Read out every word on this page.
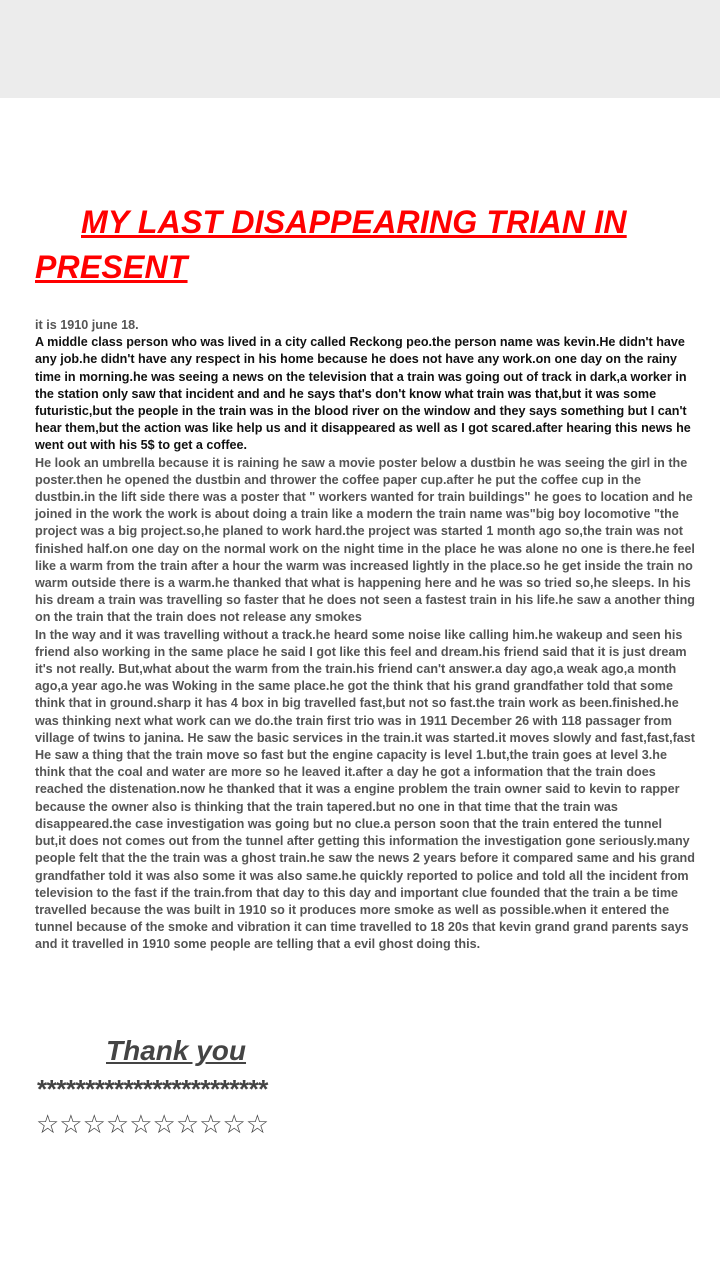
MY LAST DISAPPEARING TRIAN IN PRESENT

it is 1910 june 18.

A middle class person who was lived in a city called Reckong peo.the person name was kevin.He didn't have any job.he didn't have any respect in his home because he does not have any work.on one day on the rainy time in morning.he was seeing a news on the television that a train was going out of track in dark,a worker in the station only saw that incident and and he says that's don't know what train was that,but it was some futuristic,but the people in the train was in the blood river on the window and they says something but I can't hear them,but the action was like help us and it disappeared as well as I got scared.after hearing this news he went out with his 5$ to get a coffee.

He look an umbrella because it is raining he saw a movie poster below a dustbin he was seeing the girl in the poster.then he opened the dustbin and thrower the coffee paper cup.after he put the coffee cup in the dustbin.in the lift side there was a poster that " workers wanted for train buildings" he goes to location and he joined in the work the work is about doing a train like a modern the train name was"big boy locomotive "the project was a big project.so,he planed to work hard.the project was started 1 month ago so,the train was not finished half.on one day on the normal work on the night time in the place he was alone no one is there.he feel like a warm from the train after a hour the warm was increased lightly in the place.so he get inside the train no warm outside there is a warm.he thanked that what is happening here and he was so tried so,he sleeps. In his his dream a train was travelling so faster that he does not seen a fastest train in his life.he saw a another thing on the train that the train does not release any smokes

In the way and it was travelling without a track.he heard some noise like calling him.he wakeup and seen his friend also working in the same place he said I got like this feel and dream.his friend said that it is just dream it's not really. But,what about the warm from the train.his friend can't answer.a day ago,a weak ago,a month ago,a year ago.he was Woking in the same place.he got the think that his grand grandfather told that some think that in ground.sharp it has 4 box in big travelled fast,but not so fast.the train work as been.finished.he was thinking next what work can we do.the train first trio was in 1911 December 26 with 118 passager from village of twins to janina. He saw the basic services in the train.it was started.it moves slowly and fast,fast,fast

He saw a thing that the train move so fast but the engine capacity is level 1.but,the train goes at level 3.he think that the coal and water are more so he leaved it.after a day he got a information that the train does reached the distenation.now he thanked that it was a engine problem the train owner said to kevin to rapper because the owner also is thinking that the train tapered.but no one in that time that the train was disappeared.the case investigation was going but no clue.a person soon that the train entered the tunnel but,it does not comes out from the tunnel after getting this information the investigation gone seriously.many people felt that the the train was a ghost train.he saw the news 2 years before it compared same and his grand grandfather told it was also some it was also same.he quickly reported to police and told all the incident from television to the fast if the train.from that day to this day and important clue founded that the train a be time travelled because the was built in 1910 so it produces more smoke as well as possible.when it entered the tunnel because of the smoke and vibration it can time travelled to 18 20s that kevin grand grand parents says and it travelled in 1910 some people are telling that a evil ghost doing this.

Thank you
************************
☆☆☆☆☆☆☆☆☆☆
